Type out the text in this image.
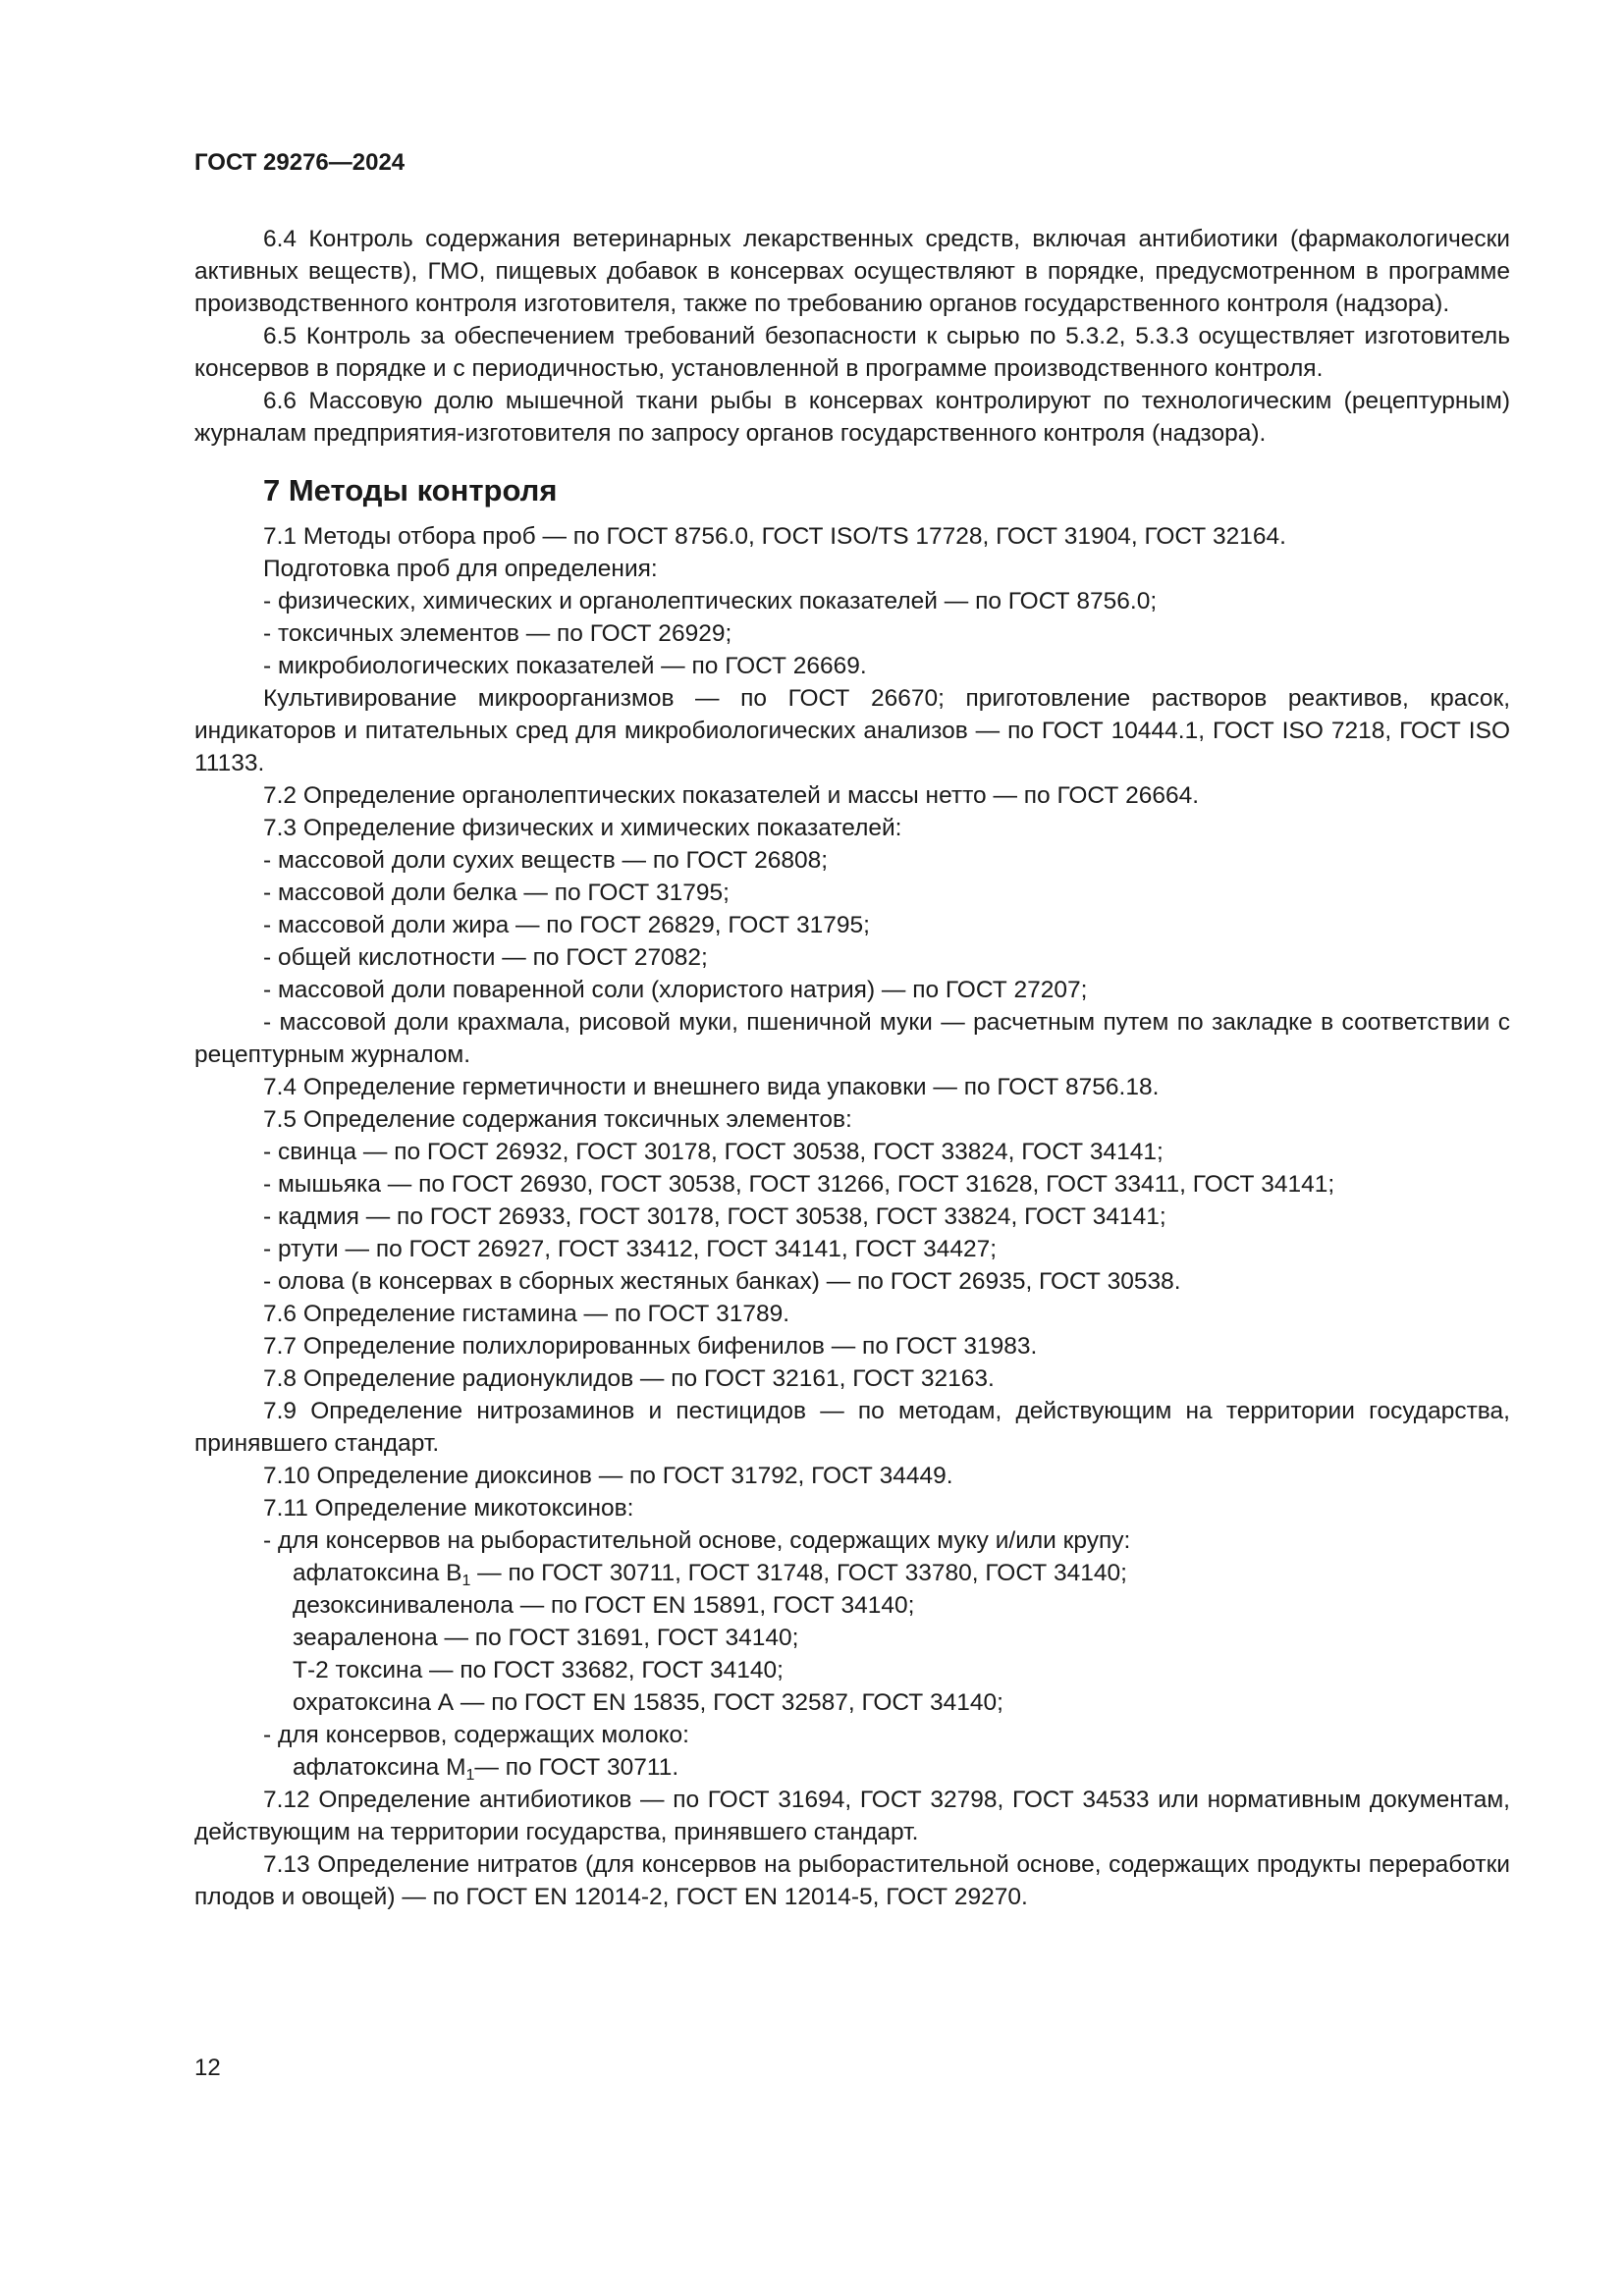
ГОСТ 29276—2024

6.4 Контроль содержания ветеринарных лекарственных средств, включая антибиотики (фармакологически активных веществ), ГМО, пищевых добавок в консервах осуществляют в порядке, предусмотренном в программе производственного контроля изготовителя, также по требованию органов государственного контроля (надзора).

6.5 Контроль за обеспечением требований безопасности к сырью по 5.3.2, 5.3.3 осуществляет изготовитель консервов в порядке и с периодичностью, установленной в программе производственного контроля.

6.6 Массовую долю мышечной ткани рыбы в консервах контролируют по технологическим (рецептурным) журналам предприятия-изготовителя по запросу органов государственного контроля (надзора).

7 Методы контроля

7.1 Методы отбора проб — по ГОСТ 8756.0, ГОСТ ISO/TS 17728, ГОСТ 31904, ГОСТ 32164.

Подготовка проб для определения:

- физических, химических и органолептических показателей — по ГОСТ 8756.0;

- токсичных элементов — по ГОСТ 26929;

- микробиологических показателей — по ГОСТ 26669.

Культивирование микроорганизмов — по ГОСТ 26670; приготовление растворов реактивов, красок, индикаторов и питательных сред для микробиологических анализов — по ГОСТ 10444.1, ГОСТ ISO 7218, ГОСТ ISO 11133.

7.2 Определение органолептических показателей и массы нетто — по ГОСТ 26664.

7.3 Определение физических и химических показателей:

- массовой доли сухих веществ — по ГОСТ 26808;

- массовой доли белка — по ГОСТ 31795;

- массовой доли жира — по ГОСТ 26829, ГОСТ 31795;

- общей кислотности — по ГОСТ 27082;

- массовой доли поваренной соли (хлористого натрия) — по ГОСТ 27207;

- массовой доли крахмала, рисовой муки, пшеничной муки — расчетным путем по закладке в соответствии с рецептурным журналом.

7.4 Определение герметичности и внешнего вида упаковки — по ГОСТ 8756.18.

7.5 Определение содержания токсичных элементов:

- свинца — по ГОСТ 26932, ГОСТ 30178, ГОСТ 30538, ГОСТ 33824, ГОСТ 34141;

- мышьяка — по ГОСТ 26930, ГОСТ 30538, ГОСТ 31266, ГОСТ 31628, ГОСТ 33411, ГОСТ 34141;

- кадмия — по ГОСТ 26933, ГОСТ 30178, ГОСТ 30538, ГОСТ 33824, ГОСТ 34141;

- ртути — по ГОСТ 26927, ГОСТ 33412, ГОСТ 34141, ГОСТ 34427;

- олова (в консервах в сборных жестяных банках) — по ГОСТ 26935, ГОСТ 30538.

7.6 Определение гистамина — по ГОСТ 31789.

7.7 Определение полихлорированных бифенилов — по ГОСТ 31983.

7.8 Определение радионуклидов — по ГОСТ 32161, ГОСТ 32163.

7.9 Определение нитрозаминов и пестицидов — по методам, действующим на территории государства, принявшего стандарт.

7.10 Определение диоксинов — по ГОСТ 31792, ГОСТ 34449.

7.11 Определение микотоксинов:

- для консервов на рыборастительной основе, содержащих муку и/или крупу:

афлатоксина $В_1$ — по ГОСТ 30711, ГОСТ 31748, ГОСТ 33780, ГОСТ 34140;

дезоксиниваленола — по ГОСТ EN 15891, ГОСТ 34140;

зеараленона — по ГОСТ 31691, ГОСТ 34140;

Т-2 токсина — по ГОСТ 33682, ГОСТ 34140;

охратоксина А — по ГОСТ EN 15835, ГОСТ 32587, ГОСТ 34140;

- для консервов, содержащих молоко:

афлатоксина $М_1—$ по ГОСТ 30711.

7.12 Определение антибиотиков — по ГОСТ 31694, ГОСТ 32798, ГОСТ 34533 или нормативным документам, действующим на территории государства, принявшего стандарт.

7.13 Определение нитратов (для консервов на рыборастительной основе, содержащих продукты переработки плодов и овощей) — по ГОСТ EN 12014-2, ГОСТ EN 12014-5, ГОСТ 29270.

12
